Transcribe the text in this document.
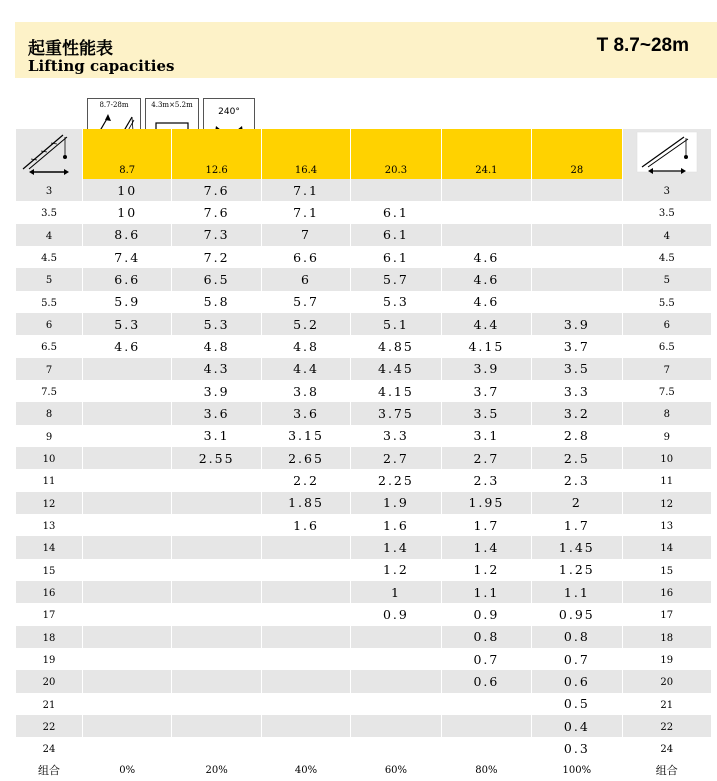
起重性能表
Lifting capacities
T 8.7~28m
8.7-28m	4.3m×5.2m
240°

	8.7	12.6	16.4	20.3	24.1	28	
3	10	7.6	7.1				3
3.5	10	7.6	7.1	6.1			3.5
4	8.6	7.3	7	6.1			4
4.5	7.4	7.2	6.6	6.1	4.6		4.5
5	6.6	6.5	6	5.7	4.6		5
5.5	5.9	5.8	5.7	5.3	4.6		5.5
6	5.3	5.3	5.2	5.1	4.4	3.9	6
6.5	4.6	4.8	4.8	4.85	4.15	3.7	6.5
7		4.3	4.4	4.45	3.9	3.5	7
7.5		3.9	3.8	4.15	3.7	3.3	7.5
8		3.6	3.6	3.75	3.5	3.2	8
9		3.1	3.15	3.3	3.1	2.8	9
10		2.55	2.65	2.7	2.7	2.5	10
11			2.2	2.25	2.3	2.3	11
12			1.85	1.9	1.95	2	12
13			1.6	1.6	1.7	1.7	13
14				1.4	1.4	1.45	14
15				1.2	1.2	1.25	15
16				1	1.1	1.1	16
17				0.9	0.9	0.95	17
18					0.8	0.8	18
19					0.7	0.7	19
20					0.6	0.6	20
21						0.5	21
22						0.4	22
24						0.3	24
组合	0%	20%	40%	60%	80%	100%	组合
